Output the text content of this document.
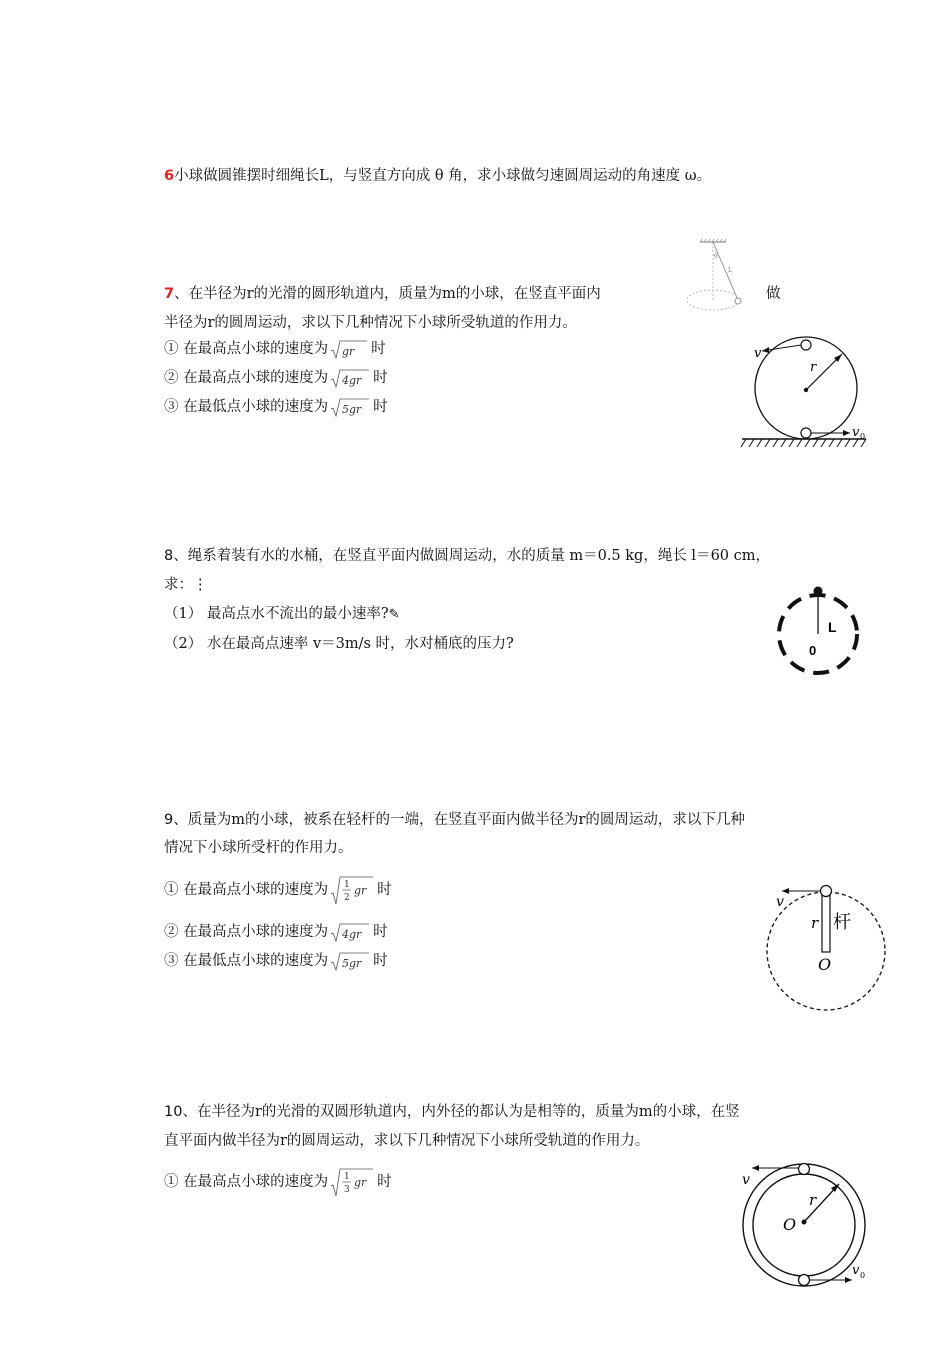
6小球做圆锥摆时细绳长L，与竖直方向成 θ 角，求小球做匀速圆周运动的角速度 ω。
θ
L
7、在半径为r的光滑的圆形轨道内，质量为m的小球，在竖直平面内	做
半径为r的圆周运动，求以下几种情况下小球所受轨道的作用力。
① 在最高点小球的速度为 gr 时
② 在最高点小球的速度为 4gr 时
③ 在最低点小球的速度为 5gr 时
v
r
v 0
8、绳系着装有水的水桶，在竖直平面内做圆周运动，水的质量 m＝0.5 kg，绳长 l＝60 cm，
求：⋮
（1） 最高点水不流出的最小速率?✎
（2） 水在最高点速率 v＝3m/s 时，水对桶底的压力?
L
0
9、质量为m的小球，被系在轻杆的一端，在竖直平面内做半径为r的圆周运动，求以下几种
情况下小球所受杆的作用力。
① 在最高点小球的速度为 1
2
gr 时
② 在最高点小球的速度为 4gr 时
③ 在最低点小球的速度为 5gr 时
v
r 杆
O
10、在半径为r的光滑的双圆形轨道内，内外径的都认为是相等的，质量为m的小球，在竖
直平面内做半径为r的圆周运动，求以下几种情况下小球所受轨道的作用力。
① 在最高点小球的速度为 1
3
gr 时	v
r
O
v 0
